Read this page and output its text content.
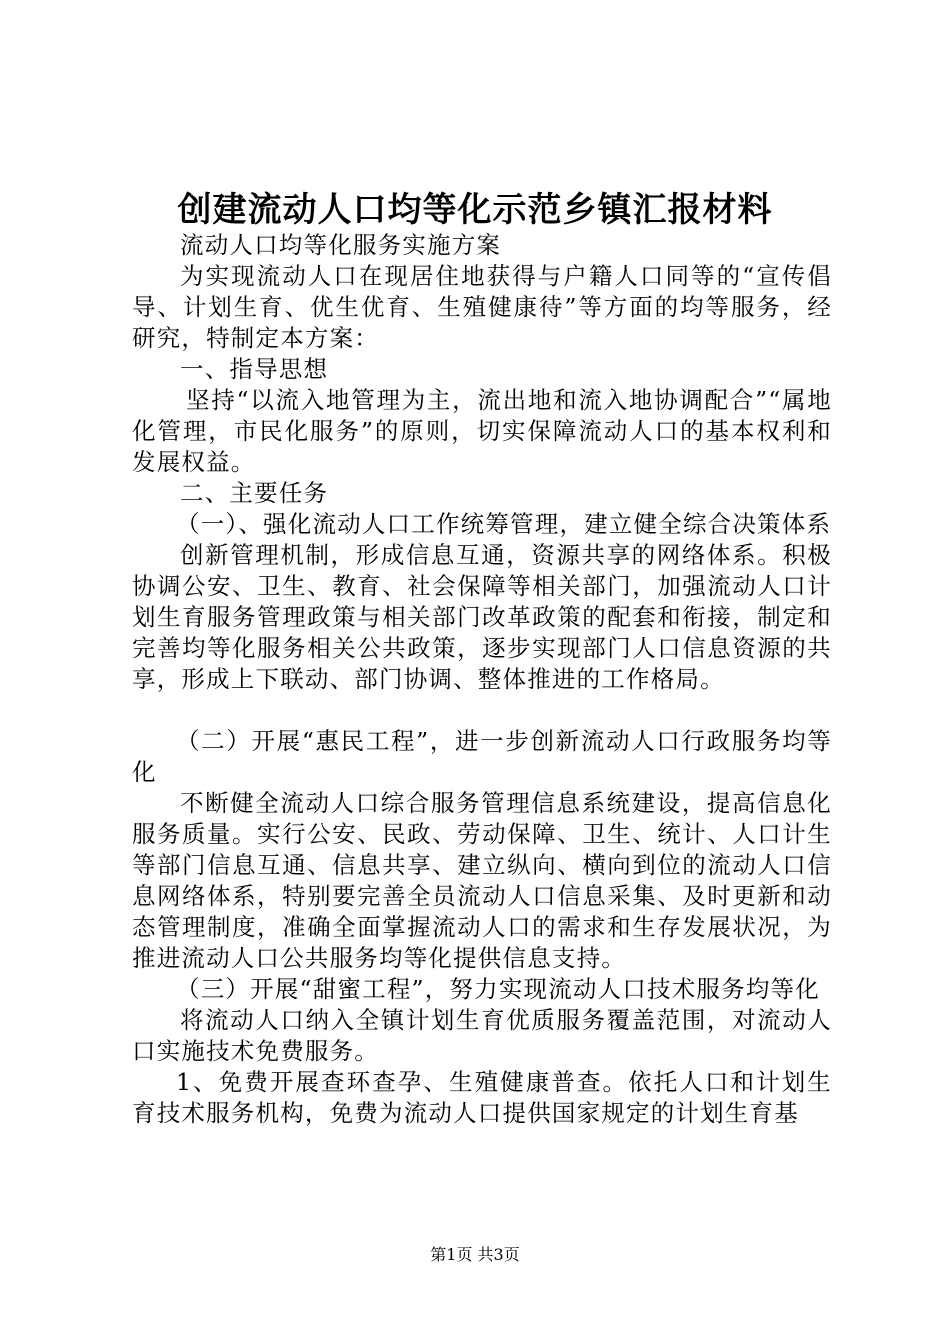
创建流动人口均等化示范乡镇汇报材料

流动人口均等化服务实施方案

为实现流动人口在现居住地获得与户籍人口同等的“宣传倡导、计划生育、优生优育、生殖健康待”等方面的均等服务，经研究，特制定本方案：

一、指导思想

坚持“以流入地管理为主，流出地和流入地协调配合”“属地化管理，市民化服务”的原则，切实保障流动人口的基本权利和发展权益。

二、主要任务

（一）、强化流动人口工作统筹管理，建立健全综合决策体系

创新管理机制，形成信息互通，资源共享的网络体系。积极协调公安、卫生、教育、社会保障等相关部门，加强流动人口计划生育服务管理政策与相关部门改革政策的配套和衔接，制定和完善均等化服务相关公共政策，逐步实现部门人口信息资源的共享，形成上下联动、部门协调、整体推进的工作格局。

（二）开展“惠民工程”，进一步创新流动人口行政服务均等化

不断健全流动人口综合服务管理信息系统建设，提高信息化服务质量。实行公安、民政、劳动保障、卫生、统计、人口计生等部门信息互通、信息共享、建立纵向、横向到位的流动人口信息网络体系，特别要完善全员流动人口信息采集、及时更新和动态管理制度，准确全面掌握流动人口的需求和生存发展状况，为推进流动人口公共服务均等化提供信息支持。

（三）开展“甜蜜工程”，努力实现流动人口技术服务均等化

将流动人口纳入全镇计划生育优质服务覆盖范围，对流动人口实施技术免费服务。

1、免费开展查环查孕、生殖健康普查。依托人口和计划生育技术服务机构，免费为流动人口提供国家规定的计划生育基

第1页 共3页
